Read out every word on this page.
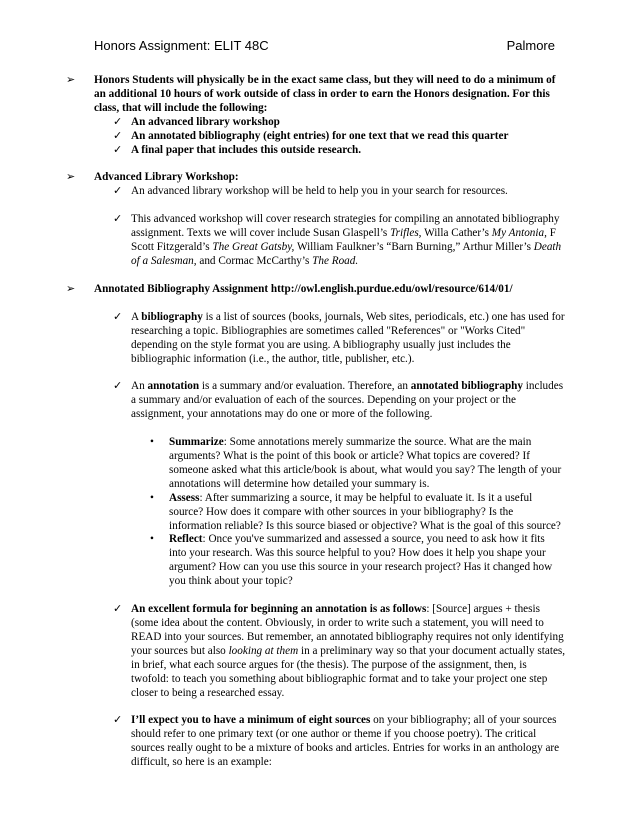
Honors Assignment: ELIT 48C	Palmore
➢	Honors Students will physically be in the exact same class, but they will need to do a minimum of an additional 10 hours of work outside of class in order to earn the Honors designation. For this class, that will include the following:
✓ An advanced library workshop
✓ An annotated bibliography (eight entries) for one text that we read this quarter
✓ A final paper that includes this outside research.
➢	Advanced Library Workshop:
✓ An advanced library workshop will be held to help you in your search for resources.
✓ This advanced workshop will cover research strategies for compiling an annotated bibliography assignment. Texts we will cover include Susan Glaspell’s Trifles, Willa Cather’s My Antonia, F Scott Fitzgerald’s The Great Gatsby, William Faulkner’s “Barn Burning,” Arthur Miller’s Death of a Salesman, and Cormac McCarthy’s The Road.
➢	Annotated Bibliography Assignment http://owl.english.purdue.edu/owl/resource/614/01/
✓ A bibliography is a list of sources (books, journals, Web sites, periodicals, etc.) one has used for researching a topic. Bibliographies are sometimes called "References" or "Works Cited" depending on the style format you are using. A bibliography usually just includes the bibliographic information (i.e., the author, title, publisher, etc.).
✓ An annotation is a summary and/or evaluation. Therefore, an annotated bibliography includes a summary and/or evaluation of each of the sources. Depending on your project or the assignment, your annotations may do one or more of the following.
• Summarize: Some annotations merely summarize the source. What are the main arguments? What is the point of this book or article? What topics are covered? If someone asked what this article/book is about, what would you say? The length of your annotations will determine how detailed your summary is.
• Assess: After summarizing a source, it may be helpful to evaluate it. Is it a useful source? How does it compare with other sources in your bibliography? Is the information reliable? Is this source biased or objective? What is the goal of this source?
• Reflect: Once you've summarized and assessed a source, you need to ask how it fits into your research. Was this source helpful to you? How does it help you shape your argument? How can you use this source in your research project? Has it changed how you think about your topic?
✓ An excellent formula for beginning an annotation is as follows: [Source] argues + thesis (some idea about the content. Obviously, in order to write such a statement, you will need to READ into your sources. But remember, an annotated bibliography requires not only identifying your sources but also looking at them in a preliminary way so that your document actually states, in brief, what each source argues for (the thesis). The purpose of the assignment, then, is twofold: to teach you something about bibliographic format and to take your project one step closer to being a researched essay.
✓ I’ll expect you to have a minimum of eight sources on your bibliography; all of your sources should refer to one primary text (or one author or theme if you choose poetry). The critical sources really ought to be a mixture of books and articles. Entries for works in an anthology are difficult, so here is an example:
